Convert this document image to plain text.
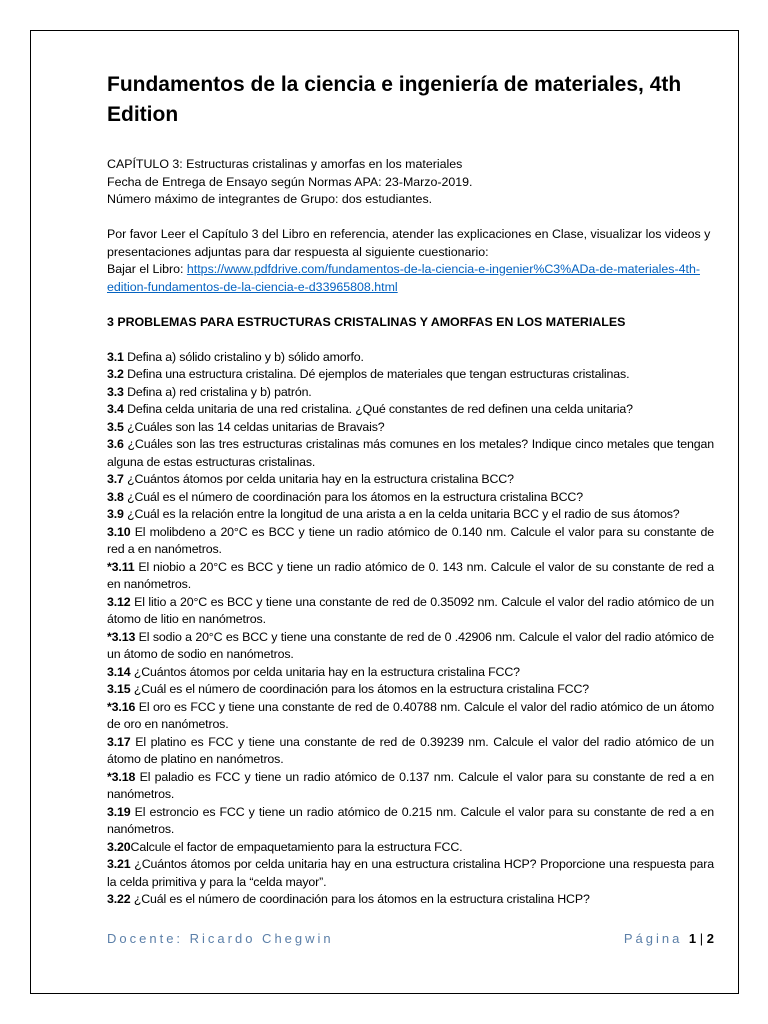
Fundamentos de la ciencia e ingeniería de materiales, 4th Edition

CAPÍTULO 3: Estructuras cristalinas y amorfas en los materiales

Fecha de Entrega de Ensayo según Normas APA: 23-Marzo-2019.

Número máximo de integrantes de Grupo: dos estudiantes.

Por favor Leer el Capítulo 3 del Libro en referencia, atender las explicaciones en Clase, visualizar los videos y presentaciones adjuntas para dar respuesta al siguiente cuestionario:

Bajar el Libro: https://www.pdfdrive.com/fundamentos-de-la-ciencia-e-ingenier%C3%ADa-de-materiales-4th-edition-fundamentos-de-la-ciencia-e-d33965808.html

3 PROBLEMAS PARA ESTRUCTURAS CRISTALINAS Y AMORFAS EN LOS MATERIALES

3.1 Defina a) sólido cristalino y b) sólido amorfo.

3.2 Defina una estructura cristalina. Dé ejemplos de materiales que tengan estructuras cristalinas.

3.3 Defina a) red cristalina y b) patrón.

3.4 Defina celda unitaria de una red cristalina. ¿Qué constantes de red definen una celda unitaria?

3.5 ¿Cuáles son las 14 celdas unitarias de Bravais?

3.6 ¿Cuáles son las tres estructuras cristalinas más comunes en los metales? Indique cinco metales que tengan alguna de estas estructuras cristalinas.

3.7 ¿Cuántos átomos por celda unitaria hay en la estructura cristalina BCC?

3.8 ¿Cuál es el número de coordinación para los átomos en la estructura cristalina BCC?

3.9 ¿Cuál es la relación entre la longitud de una arista a en la celda unitaria BCC y el radio de sus átomos?

3.10 El molibdeno a 20°C es BCC y tiene un radio atómico de 0.140 nm. Calcule el valor para su constante de red a en nanómetros.

*3.11 El niobio a 20°C es BCC y tiene un radio atómico de 0. 143 nm. Calcule el valor de su constante de red a en nanómetros.

3.12 El litio a 20°C es BCC y tiene una constante de red de 0.35092 nm. Calcule el valor del radio atómico de un átomo de litio en nanómetros.

*3.13 El sodio a 20°C es BCC y tiene una constante de red de 0 .42906 nm. Calcule el valor del radio atómico de un átomo de sodio en nanómetros.

3.14 ¿Cuántos átomos por celda unitaria hay en la estructura cristalina FCC?

3.15 ¿Cuál es el número de coordinación para los átomos en la estructura cristalina FCC?

*3.16 El oro es FCC y tiene una constante de red de 0.40788 nm. Calcule el valor del radio atómico de un átomo de oro en nanómetros.

3.17 El platino es FCC y tiene una constante de red de 0.39239 nm. Calcule el valor del radio atómico de un átomo de platino en nanómetros.

*3.18 El paladio es FCC y tiene un radio atómico de 0.137 nm. Calcule el valor para su constante de red a en nanómetros.

3.19 El estroncio es FCC y tiene un radio atómico de 0.215 nm. Calcule el valor para su constante de red a en nanómetros.

3.20Calcule el factor de empaquetamiento para la estructura FCC.

3.21 ¿Cuántos átomos por celda unitaria hay en una estructura cristalina HCP? Proporcione una respuesta para la celda primitiva y para la “celda mayor”.

3.22 ¿Cuál es el número de coordinación para los átomos en la estructura cristalina HCP?

Docente: Ricardo Chegwin	Página 1 | 2
